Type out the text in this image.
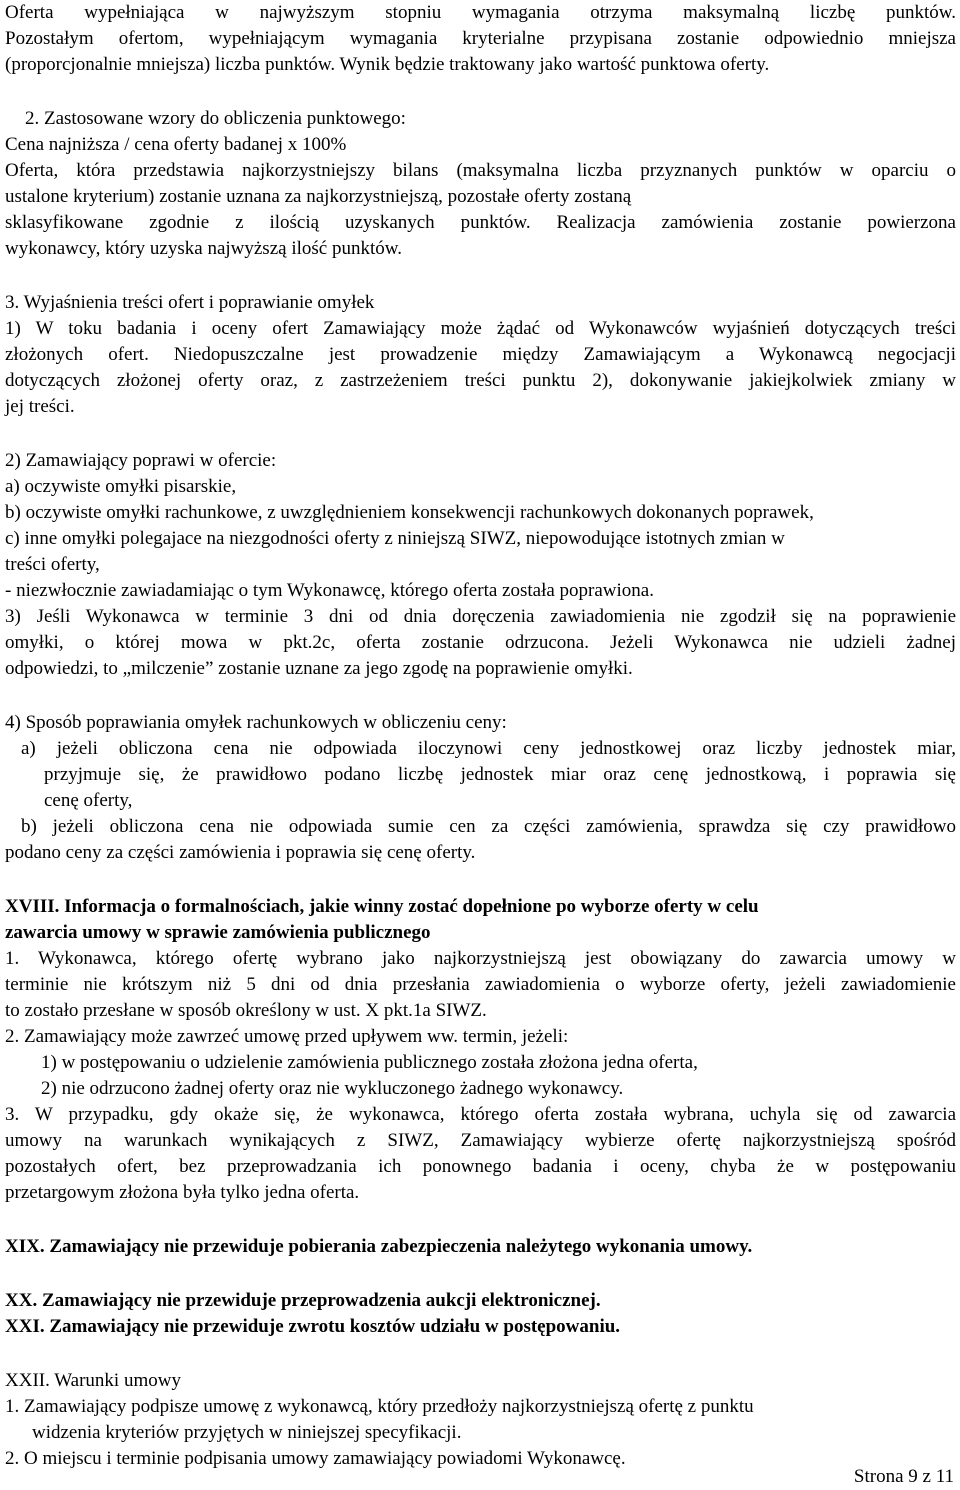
Oferta wypełniająca w najwyższym stopniu wymagania otrzyma maksymalną liczbę punktów.

Pozostałym ofertom, wypełniającym wymagania kryterialne przypisana zostanie odpowiednio mniejsza

(proporcjonalnie mniejsza) liczba punktów. Wynik będzie traktowany jako wartość punktowa oferty.

2. Zastosowane wzory do obliczenia punktowego:

Cena najniższa / cena oferty badanej x 100%

Oferta, która przedstawia najkorzystniejszy bilans (maksymalna liczba przyznanych punktów w oparciu o

ustalone kryterium) zostanie uznana za najkorzystniejszą, pozostałe oferty zostaną

sklasyfikowane zgodnie z ilością uzyskanych punktów. Realizacja zamówienia zostanie powierzona

wykonawcy, który uzyska najwyższą ilość punktów.

3. Wyjaśnienia treści ofert i poprawianie omyłek

1) W toku badania i oceny ofert Zamawiający może żądać od Wykonawców wyjaśnień dotyczących treści

złożonych ofert. Niedopuszczalne jest prowadzenie między Zamawiającym a Wykonawcą negocjacji

dotyczących złożonej oferty oraz, z zastrzeżeniem treści punktu 2), dokonywanie jakiejkolwiek zmiany w

jej treści.

2) Zamawiający poprawi w ofercie:

a) oczywiste omyłki pisarskie,

b) oczywiste omyłki rachunkowe, z uwzględnieniem konsekwencji rachunkowych dokonanych poprawek,

c) inne omyłki polegajace na niezgodności oferty z niniejszą SIWZ, niepowodujące istotnych zmian w

treści oferty,

- niezwłocznie zawiadamiając o tym Wykonawcę, którego oferta została poprawiona.

3) Jeśli Wykonawca w terminie 3 dni od dnia doręczenia zawiadomienia nie zgodził się na poprawienie

omyłki, o której mowa w pkt.2c, oferta zostanie odrzucona. Jeżeli Wykonawca nie udzieli żadnej

odpowiedzi, to „milczenie” zostanie uznane za jego zgodę na poprawienie omyłki.

4) Sposób poprawiania omyłek rachunkowych w obliczeniu ceny:

a) jeżeli obliczona cena nie odpowiada iloczynowi ceny jednostkowej oraz liczby jednostek miar,

przyjmuje się, że prawidłowo podano liczbę jednostek miar oraz cenę jednostkową, i poprawia się

cenę oferty,

b) jeżeli obliczona cena nie odpowiada sumie cen za części zamówienia, sprawdza się czy prawidłowo

podano ceny za części zamówienia i poprawia się cenę oferty.

XVIII. Informacja o formalnościach, jakie winny zostać dopełnione po wyborze oferty w celu

zawarcia umowy w sprawie zamówienia publicznego

1. Wykonawca, którego ofertę wybrano jako najkorzystniejszą jest obowiązany do zawarcia umowy w

terminie nie krótszym niż 5 dni od dnia przesłania zawiadomienia o wyborze oferty, jeżeli zawiadomienie

to zostało przesłane w sposób określony w ust. X pkt.1a SIWZ.

2. Zamawiający może zawrzeć umowę przed upływem ww. termin, jeżeli:

1) w postępowaniu o udzielenie zamówienia publicznego została złożona jedna oferta,

2) nie odrzucono żadnej oferty oraz nie wykluczonego żadnego wykonawcy.

3. W przypadku, gdy okaże się, że wykonawca, którego oferta została wybrana, uchyla się od zawarcia

umowy na warunkach wynikających z SIWZ, Zamawiający wybierze ofertę najkorzystniejszą spośród

pozostałych ofert, bez przeprowadzania ich ponownego badania i oceny, chyba że w postępowaniu

przetargowym złożona była tylko jedna oferta.

XIX. Zamawiający nie przewiduje pobierania zabezpieczenia należytego wykonania umowy.

XX. Zamawiający nie przewiduje przeprowadzenia aukcji elektronicznej.

XXI. Zamawiający nie przewiduje zwrotu kosztów udziału w postępowaniu.

XXII. Warunki umowy

1. Zamawiający podpisze umowę z wykonawcą, który przedłoży najkorzystniejszą ofertę z punktu

widzenia kryteriów przyjętych w niniejszej specyfikacji.

2. O miejscu i terminie podpisania umowy zamawiający powiadomi Wykonawcę.

Strona 9 z 11
